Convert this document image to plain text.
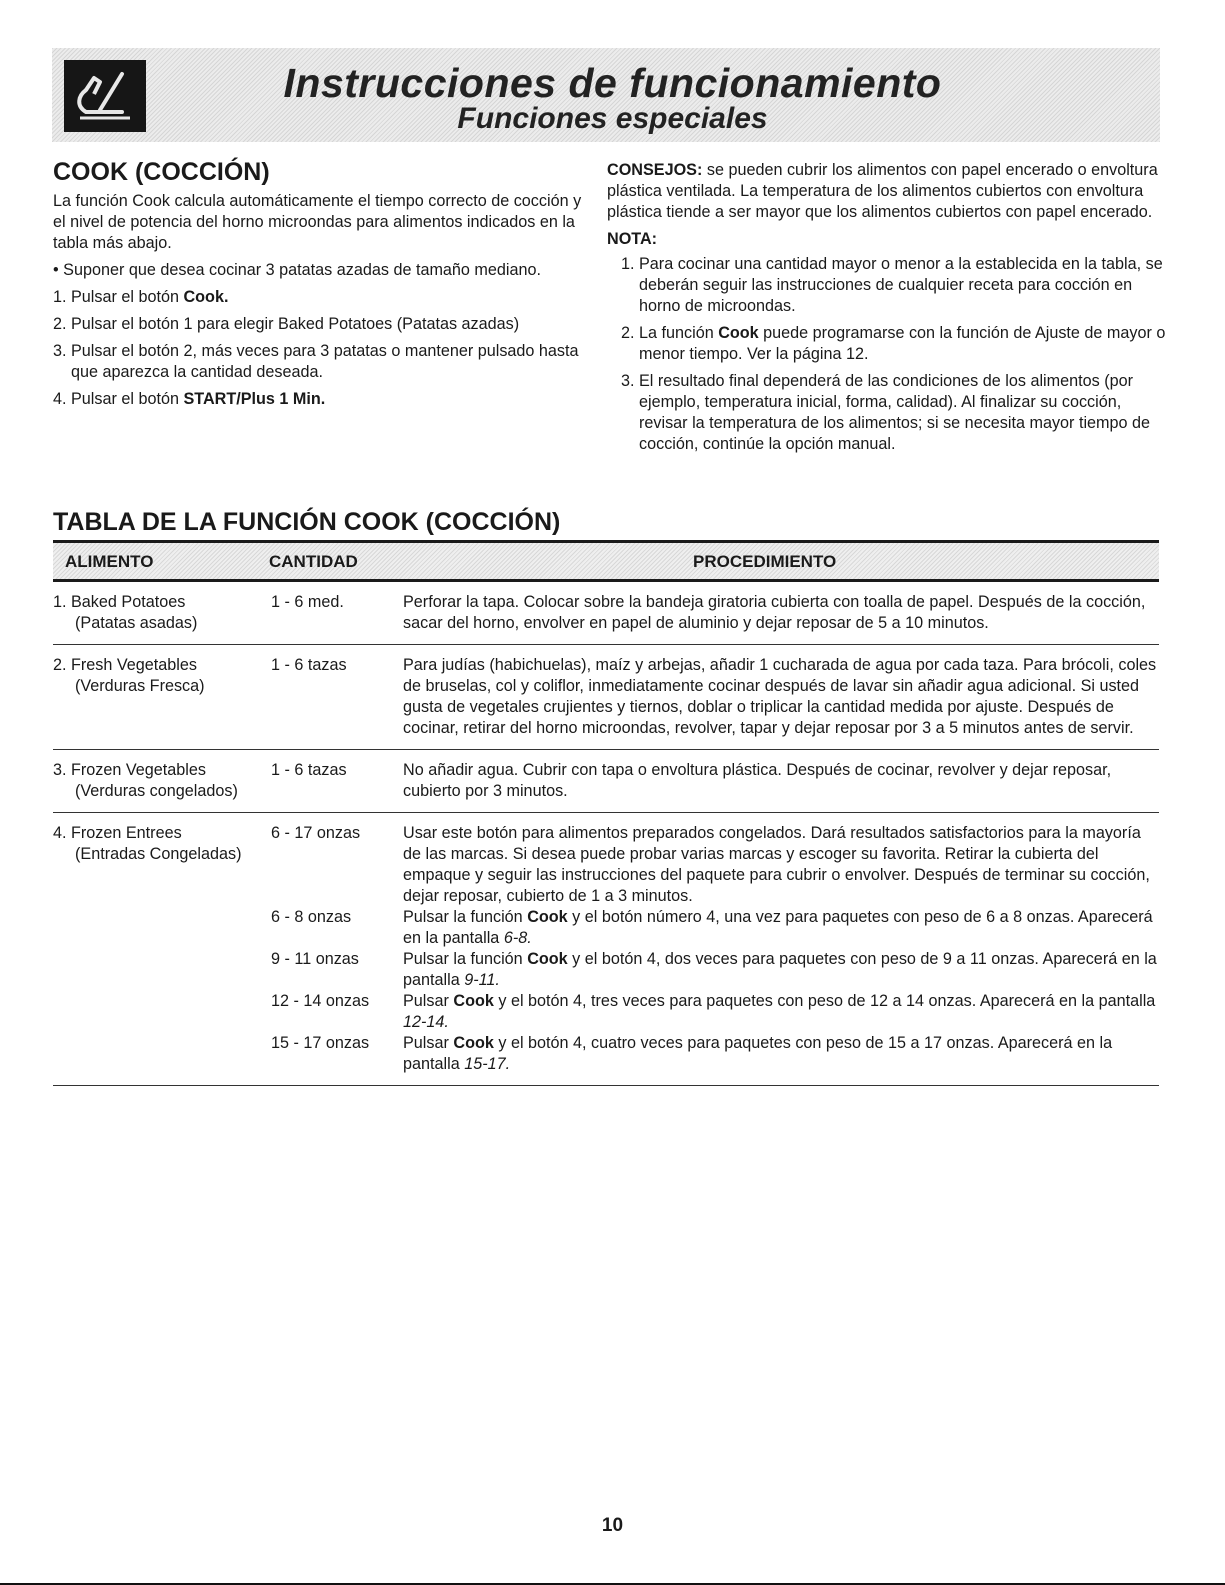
Instrucciones de funcionamiento
Funciones especiales
COOK (COCCIÓN)
La función Cook calcula automáticamente el tiempo correcto de cocción y el nivel de potencia del horno microondas para alimentos indicados en la tabla más abajo.
• Suponer que desea cocinar 3 patatas azadas de tamaño mediano.
1. Pulsar el botón Cook.
2. Pulsar el botón 1 para elegir Baked Potatoes (Patatas azadas)
3. Pulsar el botón 2, más veces para 3 patatas o mantener pulsado hasta que aparezca la cantidad deseada.
4. Pulsar el botón START/Plus 1 Min.
CONSEJOS: se pueden cubrir los alimentos con papel encerado o envoltura plástica ventilada. La temperatura de los alimentos cubiertos con envoltura plástica tiende a ser mayor que los alimentos cubiertos con papel encerado.
NOTA:
1. Para cocinar una cantidad mayor o menor a la establecida en la tabla, se deberán seguir las instrucciones de cualquier receta para cocción en horno de microondas.
2. La función Cook puede programarse con la función de Ajuste de mayor o menor tiempo. Ver la página 12.
3. El resultado final dependerá de las condiciones de los alimentos (por ejemplo, temperatura inicial, forma, calidad). Al finalizar su cocción, revisar la temperatura de los alimentos; si se necesita mayor tiempo de cocción, continúe la opción manual.
TABLA DE LA FUNCIÓN COOK (COCCIÓN)
ALIMENTO	CANTIDAD	PROCEDIMIENTO
1. Baked Potatoes
(Patatas asadas)
1 - 6 med.	Perforar la tapa. Colocar sobre la bandeja giratoria cubierta con toalla de papel. Después de la cocción, sacar del horno, envolver en papel de aluminio y dejar reposar de 5 a 10 minutos.
2. Fresh Vegetables
(Verduras Fresca)
1 - 6 tazas	Para judías (habichuelas), maíz y arbejas, añadir 1 cucharada de agua por cada taza. Para brócoli, coles de bruselas, col y coliflor, inmediatamente cocinar después de lavar sin añadir agua adicional. Si usted gusta de vegetales crujientes y tiernos, doblar o triplicar la cantidad medida por ajuste. Después de cocinar, retirar del horno microondas, revolver, tapar y dejar reposar por 3 a 5 minutos antes de servir.
3. Frozen Vegetables
(Verduras congelados)
1 - 6 tazas	No añadir agua. Cubrir con tapa o envoltura plástica. Después de cocinar, revolver y dejar reposar, cubierto por 3 minutos.
4. Frozen Entrees
(Entradas Congeladas)
6 - 17 onzas	Usar este botón para alimentos preparados congelados. Dará resultados satisfactorios para la mayoría de las marcas. Si desea puede probar varias marcas y escoger su favorita. Retirar la cubierta del empaque y seguir las instrucciones del paquete para cubrir o envolver. Después de terminar su cocción, dejar reposar, cubierto de 1 a 3 minutos.
6 - 8 onzas	Pulsar la función Cook y el botón número 4, una vez para paquetes con peso de 6 a 8 onzas. Aparecerá en la pantalla 6-8.
9 - 11 onzas	Pulsar la función Cook y el botón 4, dos veces para paquetes con peso de 9 a 11 onzas. Aparecerá en la pantalla 9-11.
12 - 14 onzas	Pulsar Cook y el botón 4, tres veces para paquetes con peso de 12 a 14 onzas. Aparecerá en la pantalla 12-14.
15 - 17 onzas	Pulsar Cook y el botón 4, cuatro veces para paquetes con peso de 15 a 17 onzas. Aparecerá en la pantalla 15-17.
10
